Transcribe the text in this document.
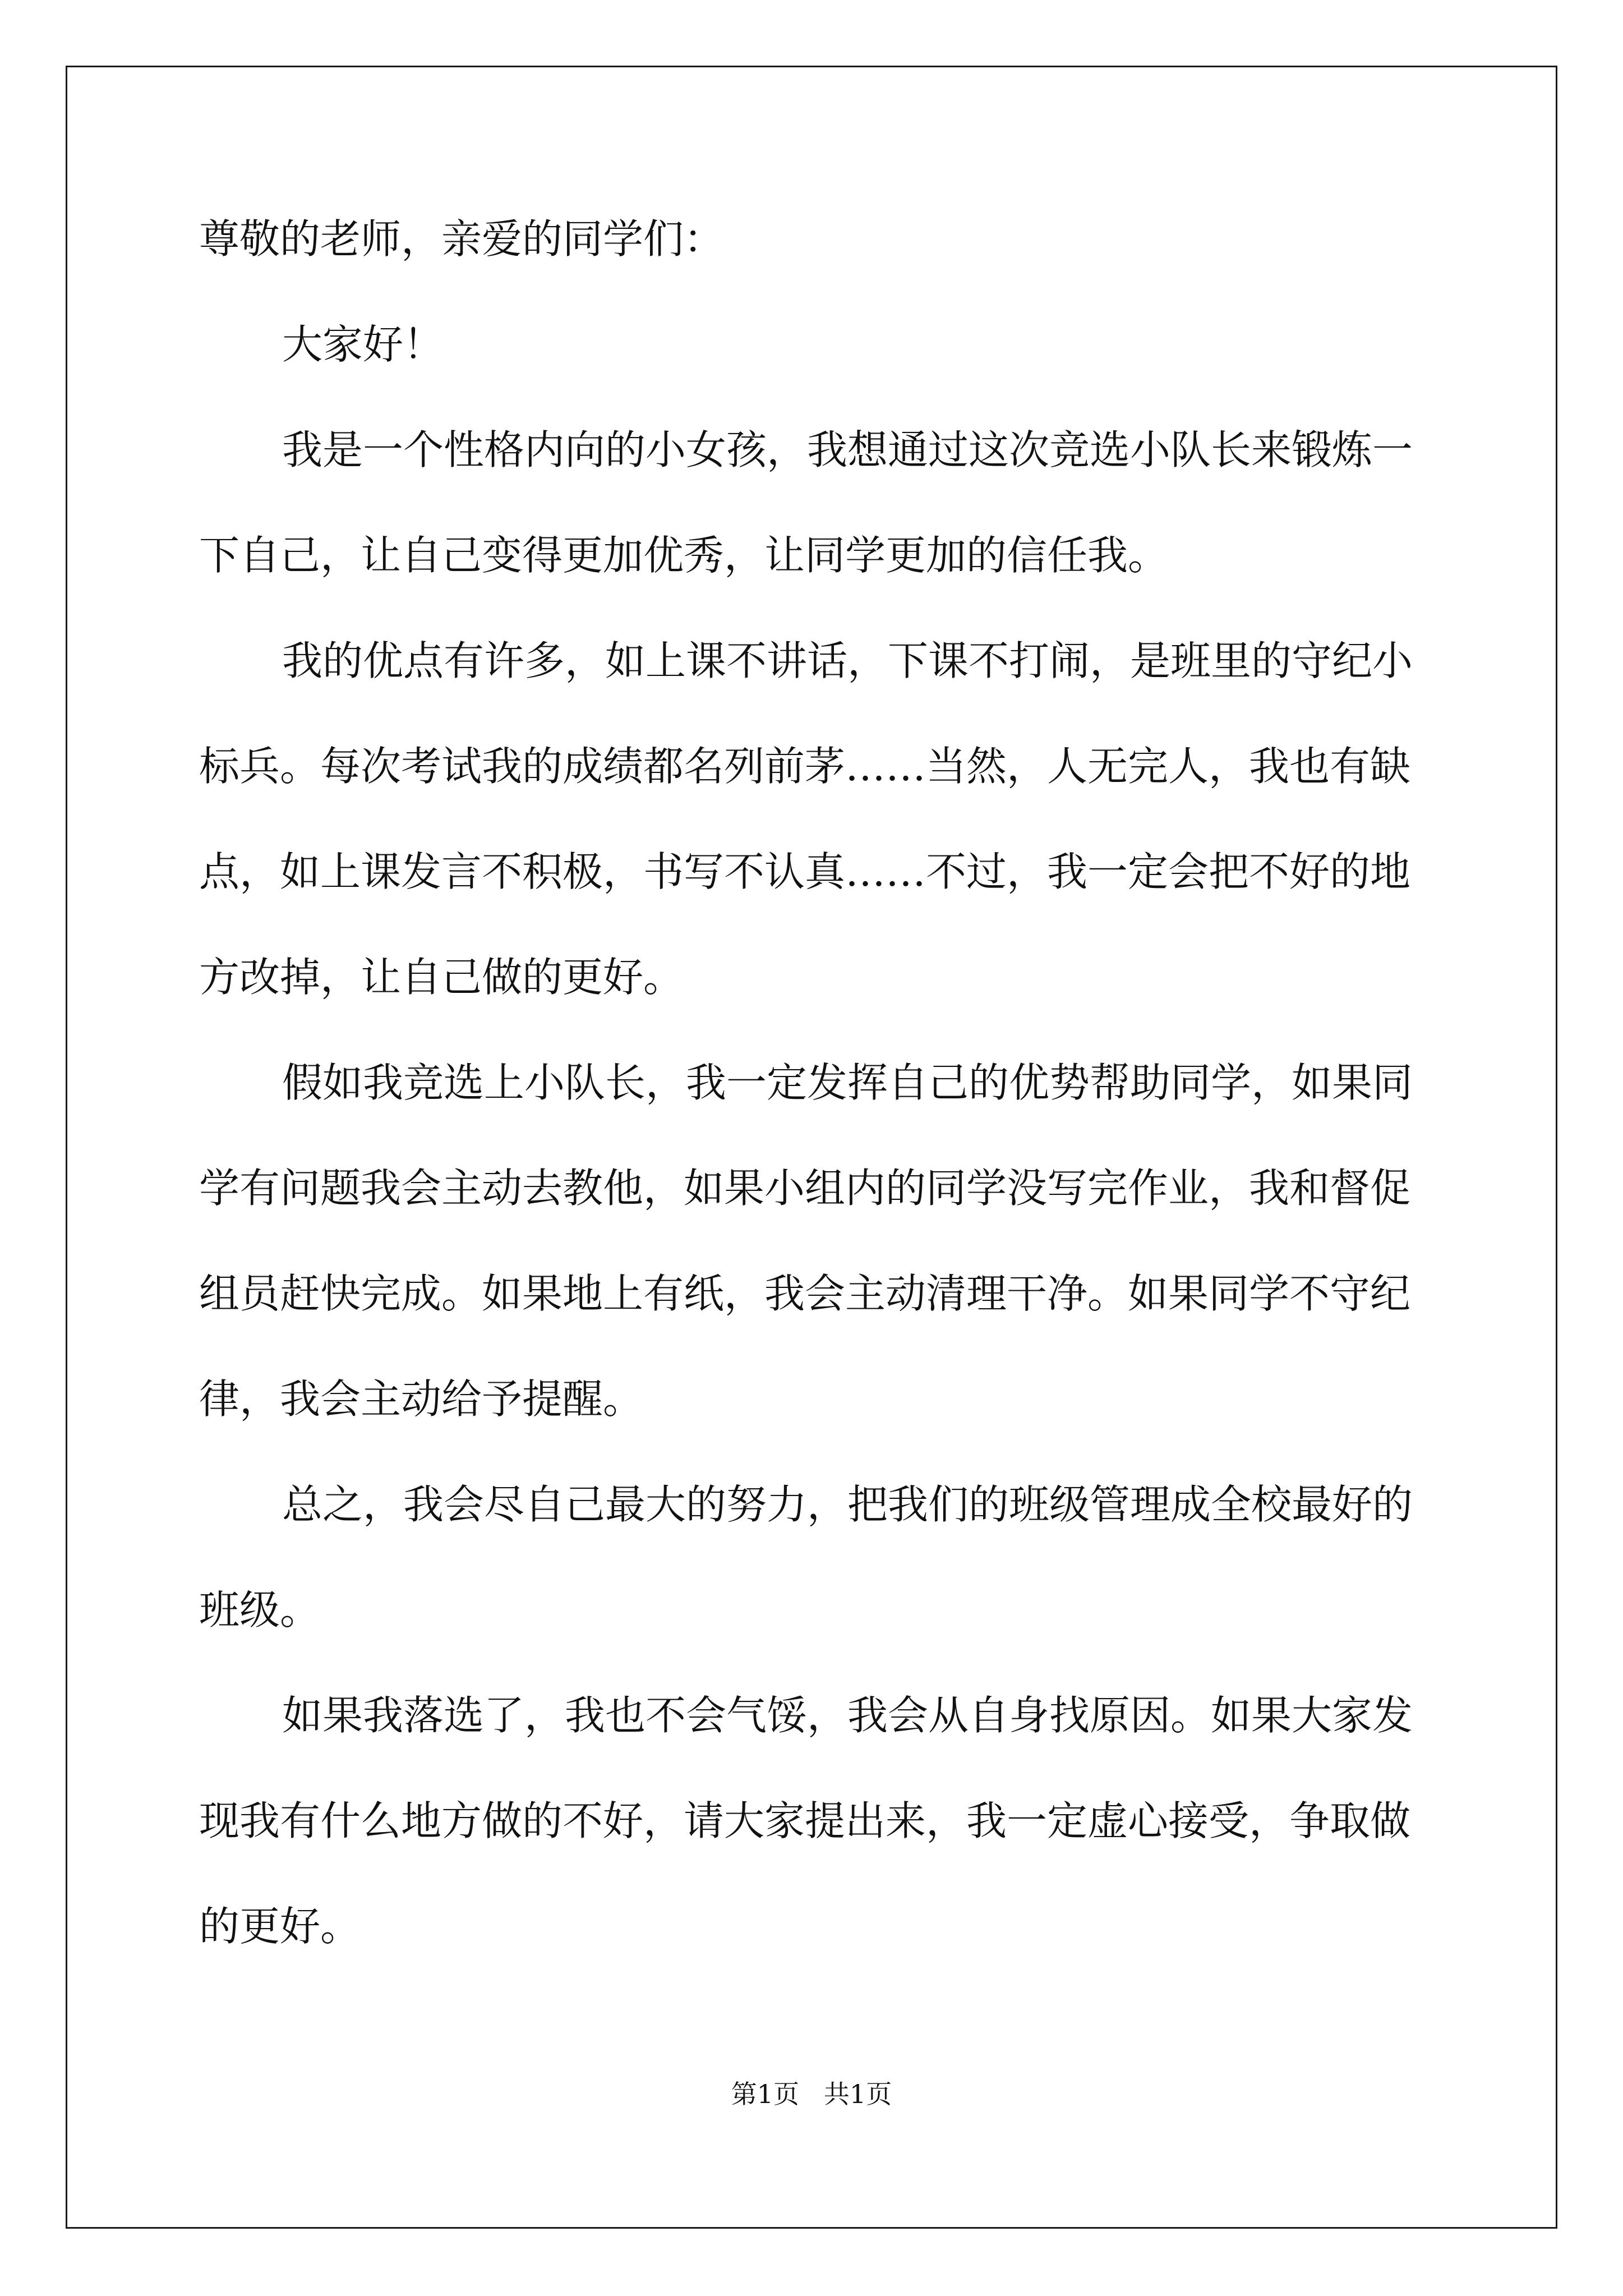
尊敬的老师，亲爱的同学们：
大家好！
我是一个性格内向的小女孩，我想通过这次竞选小队长来锻炼一
下自己，让自己变得更加优秀，让同学更加的信任我。
我的优点有许多，如上课不讲话，下课不打闹，是班里的守纪小
标兵。每次考试我的成绩都名列前茅……当然，人无完人，我也有缺
点，如上课发言不积极，书写不认真……不过，我一定会把不好的地
方改掉，让自己做的更好。
假如我竞选上小队长，我一定发挥自己的优势帮助同学，如果同
学有问题我会主动去教他，如果小组内的同学没写完作业，我和督促
组员赶快完成。如果地上有纸，我会主动清理干净。如果同学不守纪
律，我会主动给予提醒。
总之，我会尽自己最大的努力，把我们的班级管理成全校最好的
班级。
如果我落选了，我也不会气馁，我会从自身找原因。如果大家发
现我有什么地方做的不好，请大家提出来，我一定虚心接受，争取做
的更好。
第1页   共1页
